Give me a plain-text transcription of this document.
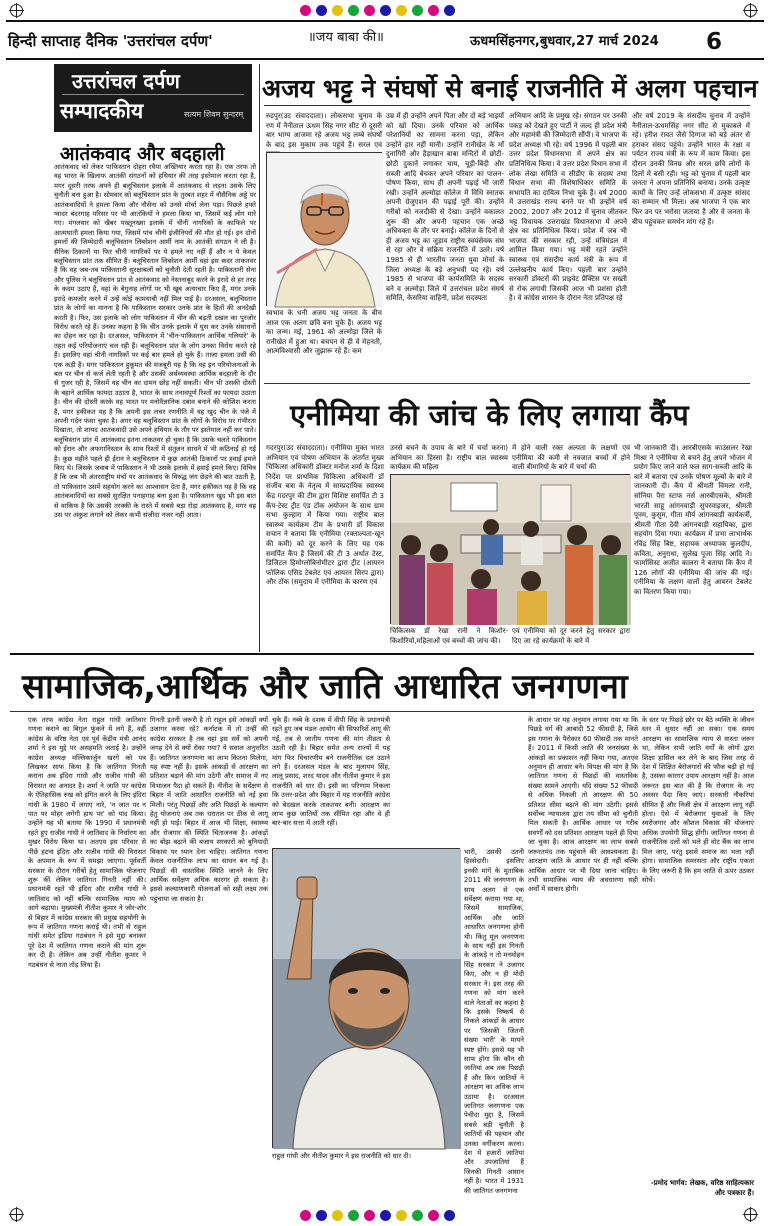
हिन्दी साप्ताह दैनिक 'उत्तरांचल दर्पण'	॥जय बाबा की॥	ऊधमसिंहनगर,बुधवार,27 मार्च 2024 6
उत्तरांचल दर्पण
सम्पादकीय	सत्यम शिवम सुन्दरम्
आतंकवाद और बदहाली
आतंकवाद को लेकर पाकिस्तान दोहरा रवैया अख्तियार करता रहा है। एक तरफ तो वह भारत के खिलाफ आतंकी संगठनों को हथियार की तरह इस्तेमाल करता रहा है, मगर दूसरी तरफ अपने ही बलूचिस्तान इलाके में आतंकवाद से लड़ना उसके लिए चुनौती बना हुआ है। सोमवार को बलूचिस्तान प्रांत के तुरबत शहर में नौसैनिक अड्डे पर आतंकवादियों ने हमला किया और नौसेना को उनसे मोर्चा लेना पड़ा। पिछले हफ्ते ग्वादर बंदरगाह परिसर पर भी आतंकियों ने हमला किया था, जिसमें कई लोग मारे गए। मंगलवार को खैबर पख्तूनख्वा इलाके में चीनी नागरिकों के काफिले पर आत्मघाती हमला किया गया, जिसमें पांच चीनी इंजीनियरों की मौत हो गई। इन दोनों हमलों की जिम्मेदारी बलूचिस्तान लिबरेशन आर्मी नाम के आतंकी संगठन ने ली है। सैनिक ठिकानों या फिर चीनी नागरिकों पर ये हमले नए नहीं हैं और न ये केवल बलूचिस्तान प्रांत तक सीमित हैं। बलूचिस्तान लिबरेशन आर्मी वहां इस कदर ताकतवर है कि वह जब-तब पाकिस्तानी सुरक्षाबलों को चुनौती देती रहती है। पाकिस्तानी सेना और पुलिस ने बलूचिस्तान प्रांत से आतंकवाद को नेस्तनाबूद करने के इरादे से हर तरह के कदम उठाए हैं, वहां के बेगुनाह लोगों पर भी खूब अत्याचार किए हैं, मगर उनके इरादे कमजोर करने में उन्हें कोई कामयाबी नहीं मिल पाई है। दरअसल, बलूचिस्तान प्रांत के लोगों का मानना है कि पाकिस्तान सरकार उनके प्रांत के हितों की अनदेखी करती है। फिर, उस इलाके को लोग पाकिस्तान में चीन की बढ़ती दखल का पुरजोर विरोध करते रहे हैं। उनका कहना है कि चीन उनके इलाके में घुस कर उनके संसाधनों का दोहन कर रहा है। दरअसल, पाकिस्तान में 'चीन-पाकिस्तान आर्थिक गलियारे' के तहत कई परियोजनाएं चल रही हैं। बलूचिस्तान प्रांत के लोग उनका विरोध करते रहे हैं। इसलिए वहां चीनी नागरिकों पर कई बार हमले हो चुके हैं। ताजा हमला उसी की एक कड़ी है। मगर पाकिस्तान हुकूमत की मजबूरी यह है कि वह इन परियोजनाओं के बल पर चीन से कर्ज लेती रहती है और उसकी अर्थव्यवस्था आर्थिक बदहाली के दौर से गुजर रही है, जिसमें वह चीन का दामन छोड़ नहीं सकती। चीन भी उसकी दोस्ती के बहाने आर्थिक फायदा उठाता है, भारत के साथ तनावपूर्ण रिश्तों का फायदा उठाता है। चीन की दोस्ती करके वह भारत पर मनोवैज्ञानिक दबाव बनाने की कोशिश करता है, मगर हकीकत यह है कि अपनी इस लचर रणनीति में वह खुद चीन के पंजे में अपनी गर्दन फंसा चुका है। अगर वह बलूचिस्तान प्रांत के लोगों के विरोध पर गंभीरता दिखाता, तो शायद आतंकवादी उसे अपने हथियार के तौर पर इस्तेमाल नहीं कर पाते। बलूचिस्तान प्रांत में आतंकवाद इतना ताकतवर हो चुका है कि उसके चलते पाकिस्तान को ईरान और अफगानिस्तान के साथ रिश्तों में संतुलन साधने में भी कठिनाई हो गई है। कुछ महीने पहले ही ईरान ने बलूचिस्तान में कुछ आतंकी ठिकानों पर हवाई हमले किए थे। जिसके जवाब में पाकिस्तान ने भी उसके इलाके में हवाई हमले किए। विचित्र है कि जब भी अंतरराष्ट्रीय मंचों पर आतंकवाद के विरुद्ध जंग छेड़ने की बात उठती है, तो पाकिस्तान उसमें सहयोग करने का आश्वासन देता है, मगर हकीकत यह है कि वह आतंकवादियों का सबसे सुरक्षित पनाहगाह बना हुआ है। पाकिस्तान खुद भी इस बात से वाकिफ है कि उसकी तरक्की के रास्ते में सबसे बड़ा रोड़ा आतंकवाद है, मगर वह उस पर अंकुश लगाने को लेकर कभी संजीदा नजर नहीं आता।
अजय भट्ट ने संघर्षो से बनाई राजनीति में अलग पहचान
रुद्रपुर(उद संवाददाता)। लोकसभा चुनाव के रण में नैनीताल ऊधम सिंह नगर सीट से दूसरी बार भाग्य आजमा रहे अजय भट्ट लम्बे संघर्षों के बाद इस मुकाम तक पहुंचे हैं। सरल एवं
स्वभाव के धनी अजय भट्ट जनता के बीच आज एक अलग छवि बना चुके हैं। अजय भट्ट का जन्म। मई, 1961 को अल्मोड़ा जिले के रानीखेत में हुआ था। बचपन से ही वे मेहनती, आत्मविश्वासी और जुझारू रहे हैं। कम
उम्र में ही उन्होंने अपने पिता और दो बड़े भाइयों को खो दिया। उनके परिवार को आर्थिक परेशानियों का सामना करना पड़ा, लेकिन उन्होंने हार नहीं मानी। उन्होंने रानीखेत के माँ दुनागिरी और हैड़ाखान बाबा मन्दिरों में छोटी-छोटी दुकानें लगाकर चाय, चूड़ी-बिंदी और सब्जी आदि बेचकर अपने परिवार का पालन-पोषण किया, साथ ही अपनी पढ़ाई भी जारी रखी। उन्होंने अल्मोड़ा कॉलेज में विधि स्नातक अपनी ग्रेजुएशन की पढ़ाई पूरी की। उन्होंने गरीबों को नजदीकी से देखा। उन्होंने वकालत शुरू की और अपनी पहचान एक अच्छे अधिवक्ता के तौर पर बनाई। कॉलेज के दिनों से ही अजय भट्ट का जुड़ाव राष्ट्रीय स्वयंसेवक संघ से रहा और वे सक्रिय राजनीति में उतरे। वर्ष 1985 से ही भारतीय जनता युवा मोर्चा के जिला अध्यक्ष के बड़े अनुभवी पद रहे। वर्ष 1985 से भाजपा की कार्यसमिति के सदस्य बने व अल्मोड़ा जिले में उत्तरांचल प्रदेश संघर्ष समिति, केसरिया वाहिनी, प्रदेश सदस्यता
अभियान आदि के प्रमुख रहे। संगठन पर उनकी पकड़ को देखते हुए पार्टी ने जल्द ही प्रदेश मंत्री और महामंत्री की जिम्मेदारी सौंपी। वे भाजपा के प्रदेश अध्यक्ष भी रहे। वर्ष 1996 में पहली बार उत्तर प्रदेश विधानसभा में अपने क्षेत्र का प्रतिनिधित्व किया। वे उत्तर प्रदेश विधान सभा में लोक लेखा समिति व सीडीए के सदस्य तथा विधान सभा की विशेषाधिकार समिति के सभापति का दायित्व निभा चुके हैं। वर्ष 2000 में उत्तराखंड राज्य बनने पर भी उन्होंने वर्ष 2002, 2007 और 2012 में चुनाव जीतकर भट्ट विधायक उत्तराखंड विधानसभा में अपने क्षेत्र का प्रतिनिधित्व किया। प्रदेश में जब भी भाजपा की सरकार रही, उन्हें मंत्रिमंडल में शामिल किया गया। भट्ट मंत्री रहते उन्होंने स्वास्थ्य एवं संसदीय कार्य मंत्री के रूप में उल्लेखनीय कार्य किए। पहली बार उन्होंने सरकारी डॉक्टरों की प्राइवेट प्रैक्टिस पर सख्ती से रोक लगायी जिसकी आज भी प्रशंसा होती है। वे कांग्रेस शासन के दौरान नेता प्रतिपक्ष रहे
और वर्ष 2019 के संसदीय चुनाव में उन्होंने नैनीताल-ऊधमसिंह नगर सीट से मुकाबले में रहे। हरीश रावत जैसे दिग्गज को बड़े अंतर से हराकर संसद पहुंचे। उन्होंने भारत के रक्षा व पर्यटन राज्य मंत्री के रूप में काम किया। इस दौरान उनकी विनम्र और सरल छवि लोगों के दिलों में बसी रही। भट्ट को चुनाव में पहली बार जनता ने अपना प्रतिनिधि बनाया। उनके उत्कृष्ट कार्यों के लिए उन्हें लोकसभा में उत्कृष्ट सांसद का सम्मान भी मिला। अब भाजपा ने एक बार फिर उन पर भरोसा जताया है और वे जनता के बीच पहुंचकर समर्थन मांग रहे हैं।
एनीमिया की जांच के लिए लगाया कैंप
गदरपुर(उद संवाददाता)। एनीमिया मुक्त भारत अभियान एवं पोषण अभियान के अंतर्गत मुख्य चिकित्सा अधिकारी डॉक्टर मनोज शर्मा के दिशा निर्देश पर प्राथमिक चिकित्सा अधिकारी डॉ संजीव बत्रा के नेतृत्व में साम्प्रदायिक स्वास्थ्य केंद्र गदरपुर की टीम द्वारा विशिष्ट समर्पित टी 3 कैंप-टेस्ट ट्रीट एंड टॉक अयोजन के साथ ग्राम सभा कुल्हारा में किया गया। राष्ट्रीय बाल स्वास्थ्य कार्यक्रम टीम के प्रभारी डॉ विकास सचान ने बताया कि एनीमिया (रक्ताल्पता-खून की कमी) को दूर करने के लिए यह एक समर्पित कैंप है जिसमें की टी 3 अर्थात टेस्ट, डिजिटल हिमोग्लोबिनोमीटर द्वारा ट्रीट (आयरन फोलिक एसिड टेबलेट एवं आयरन सिरप द्वारा) और टॉक (समुदाय में एनीमिया के कारण एवं
उनसे बचने के उपाय के बारे में चर्चा करना) अभियान का हिस्सा है। राष्ट्रीय बाल स्वास्थ्य कार्यक्रम की महिला
में होने वाली रक्त अल्पता के लक्षणों एवं एनीमिया की कमी से नवजात बच्चों में होने वाली बीमारियों के बारे में चर्चा की
चिकित्सक डॉ रेखा रानी ने किशोर-किशोरियों,महिलाओं एवं बच्चों की जांच की।
एवं एनीमिया को दूर करने हेतु सरकार द्वारा दिए जा रहे कार्यक्रमों के बारे में
भी जानकारी दी। आरबीएसके काउंसलर रेखा मिश्रा ने एनीमिया से बचने हेतु अपने भोजन में प्रयोग किए जाने वाले फल साग-सब्जी आदि के बारे में बताया एवं उनके पोषण मूल्यों के बारे में जानकारी दी। कैंप में श्रीमती विमला रानी, सोनिया पैरा स्टाफ नर्स आरबीएसके, श्रीमती भारती साहू आंगनवाड़ी सुपरवाइजर, श्रीमती पूनम, कुसुम, गीता मौर्य आंगनबाड़ी कार्यकर्त्री, श्रीमती गीता देवी आंगनबाड़ी सहायिका, द्वारा सहयोग दिया गया। कार्यक्रम में प्रभा लाभार्थक रविंद्र सिंह बिष्ट, सहायक अध्यापक कुलदीप, कविता, अनुराधा, सुलेख पूजा सिंह आदि ने। फार्मासिस्ट अजीत कालरा ने बताया कि कैंप में 126 लोगों की एनीमिया की जांच की गई। एनीमिया के लक्षण वालों हेतु आयरन टेबलेट का वितरण किया गया।
सामाजिक,आर्थिक और जाति आधारित जनगणना
एक तरफ कांग्रेस नेता राहुल गांधी जातिवार गणना कराने का बिगुल फूंकने में लगे हैं, वहीं कांग्रेस के वरिष्ठ नेता एवं पूर्व केंद्रीय मंत्री आनंद शर्मा ने इस मुद्दे पर असहमति जताई है। उन्होंने कांग्रेस अध्यक्ष मल्लिकार्जुन खरगे को पत्र लिखकर साफ किया है कि जातिगत गिनती कराना अब इंदिरा गांधी और राजीव गांधी की विरासत का अनादर है। शर्मा ने जाति पर कांग्रेस के ऐतिहासिक रुख को इंगित करने के लिए इंदिरा गांधी के 1980 में लगाए नारे, 'न जात पर न पात पर मोहर लगेगी हाथ पर' को याद किया। उन्होंने यह भी बताया कि 1990 में प्रधानमंत्री रहते हुए राजीव गांधी ने जातिवाद के निर्धारण का मुखर विरोध किया था। अतएव इस परिवार से पीछे हटना इंदिरा और राजीव गांधी की विरासत के अपमान के रूप में समझा जाएगा। पूर्ववर्ती सरकार के दौरान गरीबों हेतु सामाजिक योजनाएं शुरू कीं लेकिन जातिगत गिनती नहीं की। प्रधानमंत्री रहते भी इंदिरा और राजीव गांधी ने जातिवाद को नहीं बल्कि सामाजिक न्याय को आगे बढ़ाया। मुख्यमंत्री नीतीश कुमार ने जोर-शोर से बिहार में कांग्रेस सरकार की प्रमुख सहयोगी के रूप में जातिगत गणना कराई थी। तभी से राहुल गांधी समेत इंडिया गठबंधन ने इसे मुद्दा बनाकर पूरे देश में जातिगत गणना कराने की मांग शुरू कर दी है। लेकिन अब उन्हीं नीतीश कुमार ने गठबंधन से नाता तोड़ लिया है।
गिनती इतनी जरूरी है तो राहुल इसे आंकड़ों क्यों उजागर करवा रहे? कर्नाटक में तो उन्हीं की कांग्रेस सरकार है तब वहां इस सर्वे को अपनी जगह देने से क्यों रोका गया? ये सवाल अनुत्तरित हैं। जातिगत जनगणना का लाभ कितना मिलेगा, यह स्पष्ट नहीं है। इसके आंकड़ों से आरक्षण का प्रतिशत बढ़ाने की मांग उठेगी और समाज में नए विभाजन पैदा हो सकते हैं। नीतीश के सर्वेक्षण से बिहार में जाति आधारित राजनीति को नई हवा मिली। परंतु पिछड़ों और अति पिछड़ों के कल्याण हेतु योजनाएं अब तक धरातल पर ठीक से लागू नहीं हो पाईं। बिहार में आज भी शिक्षा, स्वास्थ्य और रोजगार की स्थिति चिंताजनक है। आंकड़ों का बोझ बढ़ाने की बजाय सरकारों को बुनियादी विकास पर ध्यान देना चाहिए। जातिगत गणना केवल राजनीतिक लाभ का साधन बन गई है। पिछड़ों की वास्तविक स्थिति जानने के लिए आर्थिक सर्वेक्षण अधिक कारगर हो सकता है। इससे कल्याणकारी योजनाओं को सही लक्ष्य तक पहुंचाया जा सकता है।
चुके हैं। नब्बे के दशक में वीपी सिंह के प्रधानमंत्री रहते हुए जब मंडल आयोग की सिफारिशें लागू की गईं, तब से जातीय गणना की मांग तीव्रता से उठती रही है। बिहार समेत अन्य राज्यों में यह मांग फिर विचारणीय बने राजनीतिक दल उठाने लगे हैं। दरअसल मंडल के बाद मुलायम सिंह, लालू प्रसाद, शरद यादव और नीतीश कुमार ने इस राजनीति को धार दी। इसी का परिणाम निकला कि उत्तर-प्रदेश और बिहार में यह राजनीति कांग्रेस को बेदखल करके ताकतवर बनी। आरक्षण का लाभ कुछ जातियों तक सीमित रहा और वे ही बार-बार सत्ता में आती रहीं।
राहुल गांधी और नीतीश कुमार ने इस राजनीति को धार दी।
भारी, उसकी उतनी हिस्सेदारी। इसलिए इनकी मांगें के मुताबिक 2011 की जनगणना के साथ अलग से एक सर्वेक्षण कराया गया था, जिसमें सामाजिक, आर्थिक और जाति आधारित जनगणना होनी थी। किंतु मूल जनगणना के साथ नहीं इस गिनती के आंकड़े न तो मनमोहन सिंह सरकार ने उजागर किए, और न ही मोदी सरकार ने। इस तरह की गणना को मांग करने वाले नेताओं का कहना है कि इसके निष्कर्ष से निकले आंकड़ों के आधार पर 'जिसकी जितनी संख्या भारी' के मायने स्पष्ट होंगे। इससे यह भी साफ होगा कि कौन सी जातियां अब तक पिछड़ी हैं और किन जातियों ने आरक्षण का अधिक लाभ उठाया है। दरअसल जातिगत जनगणना एक पेचीदा मुद्दा है, जिसमें सबसे बड़ी चुनौती है जातियों की पहचान और उनका वर्गीकरण करना। देश में हजारों जातियां और उपजातियां हैं जिनकी गिनती आसान नहीं है। भारत में 1931 की जातिगत जनगणना
के आधार पर यह अनुमान लगाया गया था कि पिछड़े वर्ग की आबादी 52 फीसदी है, जिसे इस गणना के पैरोकार 60 फीसदी तक मानते हैं। 2011 में किसी जाति की जनसंख्या के आंकड़ों का प्रकाशन नहीं किया गया, अतएव अनुमान ही आधार बने। विपक्ष की मांग है कि जातिगत गणना से पिछड़ों की वास्तविक संख्या सामने आएगी। यदि संख्या 52 फीसदी से अधिक निकली तो आरक्षण की 50 प्रतिशत सीमा बढ़ाने की मांग उठेगी। इससे सर्वोच्च न्यायालय द्वारा तय सीमा को चुनौती मिल सकती है। आर्थिक आधार पर गरीब सवर्णों को दस प्रतिशत आरक्षण पहले ही दिया जा चुका है। आज आरक्षण का लाभ सबसे जरूरतमंद तक पहुंचाने की आवश्यकता है। आरक्षण जाति के आधार पर ही नहीं बल्कि आर्थिक आधार पर भी दिया जाना चाहिए। तभी सामाजिक न्याय की अवधारणा सही अर्थों में साकार होगी।
के स्तर पर पिछड़े छोर पर बैठे व्यक्ति के जीवन स्तर में सुधार नहीं आ सका। एक समय आरक्षण का सामाजिक न्याय से वास्ता जरूर था, लेकिन सभी जाति वर्गों के लोगों द्वारा शिक्षा हासिल कर लेने के बाद जिस तरह से देश में शिक्षित बेरोजगारों की फौज बढ़ी हो गई है, उसका कारगर उपाय आरक्षण नहीं है। आज जरूरत इस बात की है कि रोजगार के नए अवसर पैदा किए जाएं। सरकारी नौकरियां सीमित हैं और निजी क्षेत्र में आरक्षण लागू नहीं होता। ऐसे में बेरोजगार युवाओं के लिए स्वरोजगार और कौशल विकास की योजनाएं अधिक उपयोगी सिद्ध होंगी। जातिगत गणना से राजनीतिक दलों को भले ही वोट बैंक का लाभ मिल जाए, परंतु इससे समाज का भला नहीं होगा। सामाजिक समरसता और राष्ट्रीय एकता के लिए जरूरी है कि हम जाति से ऊपर उठकर सोचें।
-प्रमोद भार्गव: लेखक, वरिष्ठ साहित्यकार और पत्रकार हैं।
